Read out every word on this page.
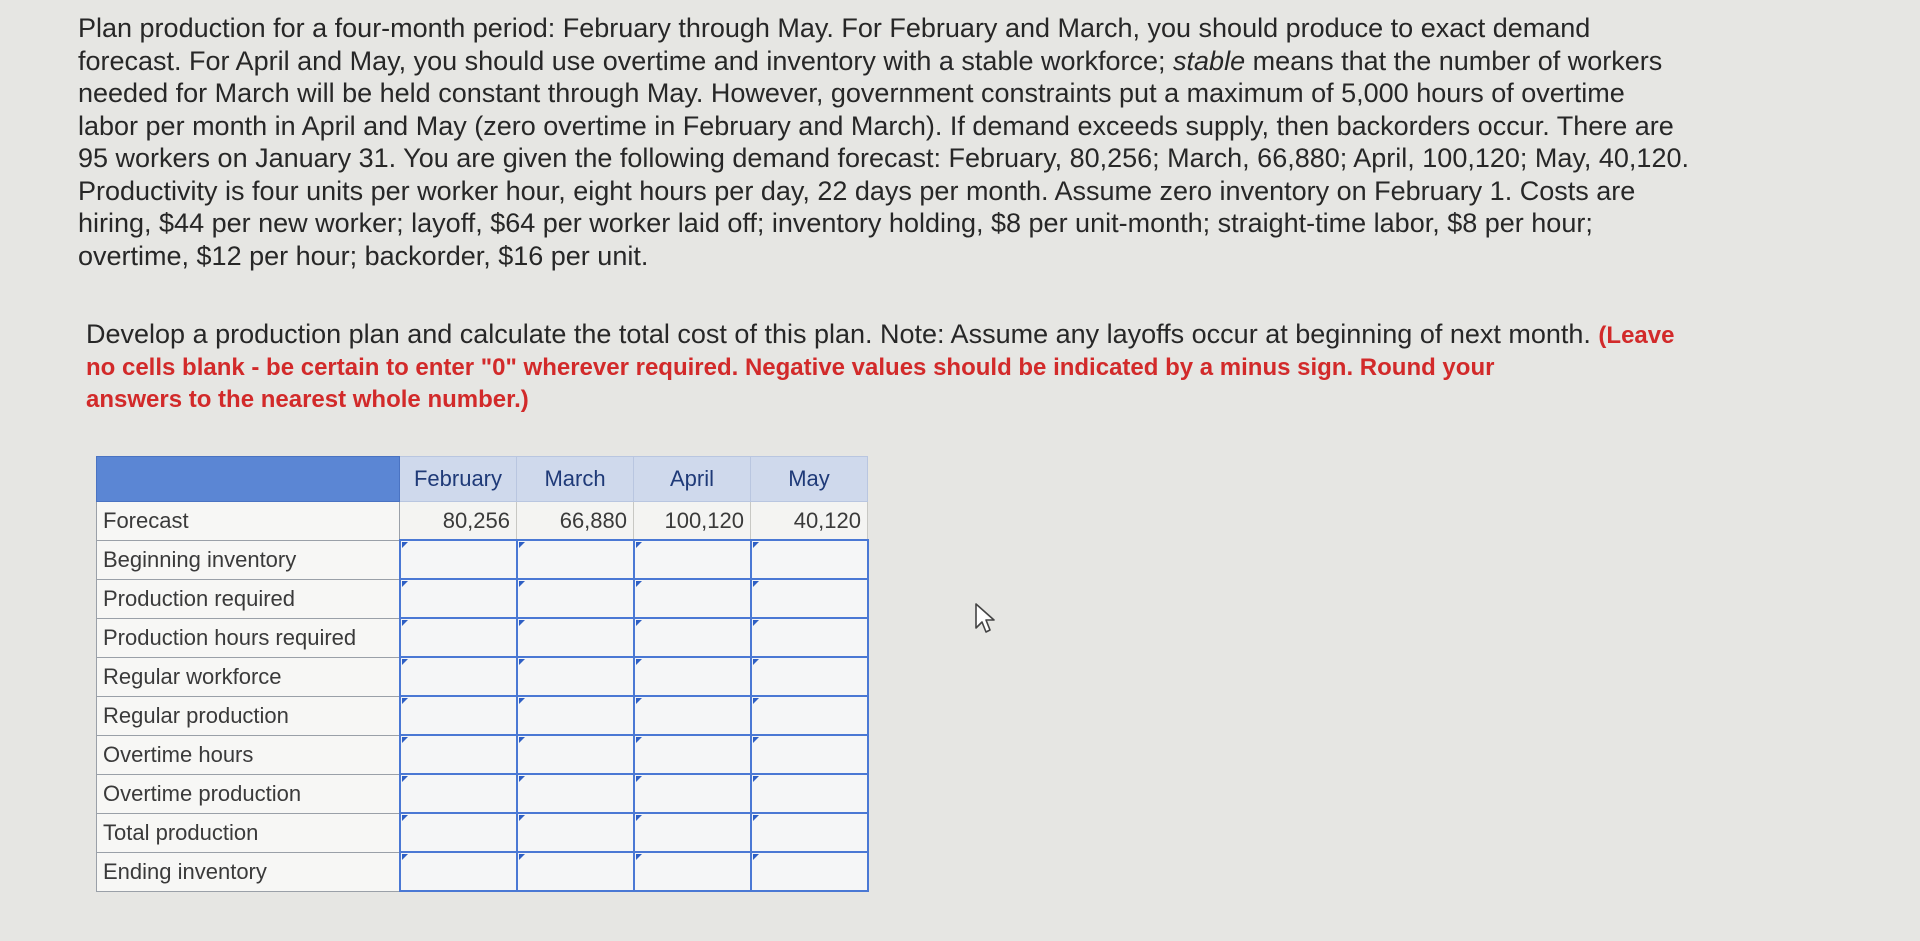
Plan production for a four-month period: February through May. For February and March, you should produce to exact demand

forecast. For April and May, you should use overtime and inventory with a stable workforce; stable means that the number of workers

needed for March will be held constant through May. However, government constraints put a maximum of 5,000 hours of overtime

labor per month in April and May (zero overtime in February and March). If demand exceeds supply, then backorders occur. There are

95 workers on January 31. You are given the following demand forecast: February, 80,256; March, 66,880; April, 100,120; May, 40,120.

Productivity is four units per worker hour, eight hours per day, 22 days per month. Assume zero inventory on February 1. Costs are

hiring, $44 per new worker; layoff, $64 per worker laid off; inventory holding, $8 per unit-month; straight-time labor, $8 per hour;

overtime, $12 per hour; backorder, $16 per unit.

Develop a production plan and calculate the total cost of this plan. Note: Assume any layoffs occur at beginning of next month. (Leave

no cells blank - be certain to enter "0" wherever required. Negative values should be indicated by a minus sign. Round your

answers to the nearest whole number.)

	February	March	April	May
Forecast	80,256	66,880	100,120	40,120
Beginning inventory				
Production required				
Production hours required				
Regular workforce				
Regular production				
Overtime hours				
Overtime production				
Total production				
Ending inventory				
